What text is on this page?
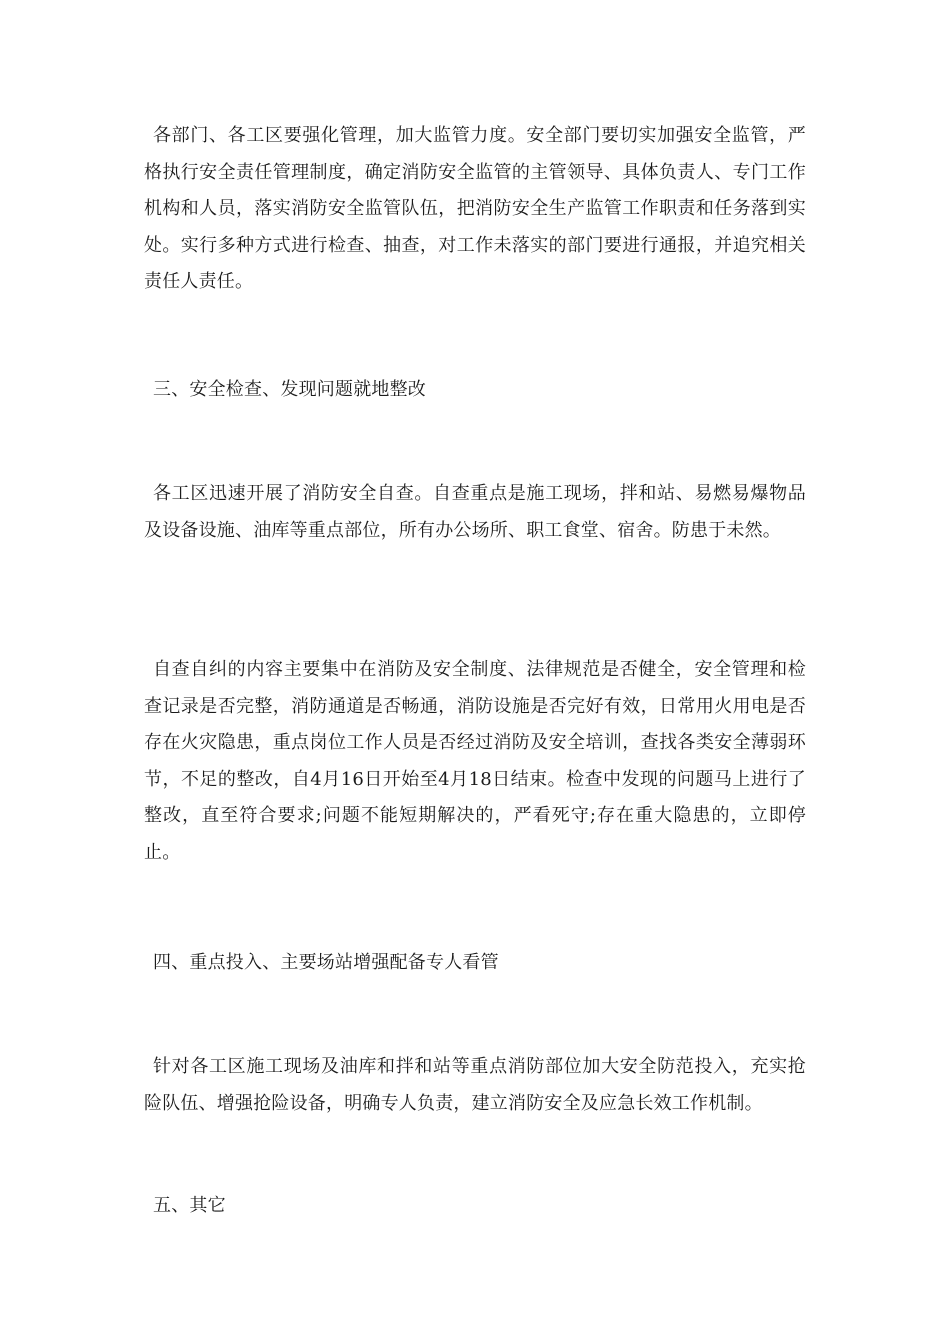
各部门、各工区要强化管理，加大监管力度。安全部门要切实加强安全监管，严格执行安全责任管理制度，确定消防安全监管的主管领导、具体负责人、专门工作机构和人员，落实消防安全监管队伍，把消防安全生产监管工作职责和任务落到实处。实行多种方式进行检查、抽查，对工作未落实的部门要进行通报，并追究相关责任人责任。

三、安全检查、发现问题就地整改

各工区迅速开展了消防安全自查。自查重点是施工现场，拌和站、易燃易爆物品及设备设施、油库等重点部位，所有办公场所、职工食堂、宿舍。防患于未然。

自查自纠的内容主要集中在消防及安全制度、法律规范是否健全，安全管理和检查记录是否完整，消防通道是否畅通，消防设施是否完好有效，日常用火用电是否存在火灾隐患，重点岗位工作人员是否经过消防及安全培训，查找各类安全薄弱环节，不足的整改，自4月16日开始至4月18日结束。检查中发现的问题马上进行了整改，直至符合要求;问题不能短期解决的，严看死守;存在重大隐患的，立即停止。

四、重点投入、主要场站增强配备专人看管

针对各工区施工现场及油库和拌和站等重点消防部位加大安全防范投入，充实抢险队伍、增强抢险设备，明确专人负责，建立消防安全及应急长效工作机制。

五、其它
